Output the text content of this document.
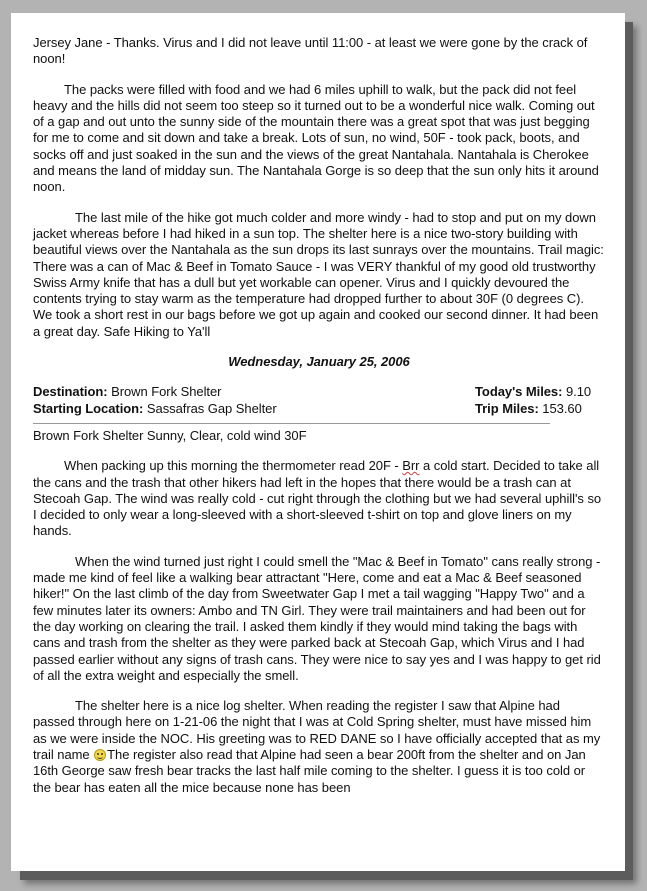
Jersey Jane - Thanks. Virus and I did not leave until 11:00 - at least we were gone by the crack of noon!

The packs were filled with food and we had 6 miles uphill to walk, but the pack did not feel heavy and the hills did not seem too steep so it turned out to be a wonderful nice walk. Coming out of a gap and out unto the sunny side of the mountain there was a great spot that was just begging for me to come and sit down and take a break. Lots of sun, no wind, 50F - took pack, boots, and socks off and just soaked in the sun and the views of the great Nantahala. Nantahala is Cherokee and means the land of midday sun. The Nantahala Gorge is so deep that the sun only hits it around noon.

The last mile of the hike got much colder and more windy - had to stop and put on my down jacket whereas before I had hiked in a sun top. The shelter here is a nice two-story building with beautiful views over the Nantahala as the sun drops its last sunrays over the mountains. Trail magic: There was a can of Mac & Beef in Tomato Sauce - I was VERY thankful of my good old trustworthy Swiss Army knife that has a dull but yet workable can opener. Virus and I quickly devoured the contents trying to stay warm as the temperature had dropped further to about 30F (0 degrees C). We took a short rest in our bags before we got up again and cooked our second dinner. It had been a great day. Safe Hiking to Ya'll

Wednesday, January 25, 2006

Destination: Brown Fork Shelter	Today's Miles: 9.10
Starting Location: Sassafras Gap Shelter	Trip Miles: 153.60

Brown Fork Shelter Sunny, Clear, cold wind 30F

When packing up this morning the thermometer read 20F - Brr a cold start. Decided to take all the cans and the trash that other hikers had left in the hopes that there would be a trash can at Stecoah Gap. The wind was really cold - cut right through the clothing but we had several uphill's so I decided to only wear a long-sleeved with a short-sleeved t-shirt on top and glove liners on my hands.

When the wind turned just right I could smell the "Mac & Beef in Tomato" cans really strong - made me kind of feel like a walking bear attractant "Here, come and eat a Mac & Beef seasoned hiker!" On the last climb of the day from Sweetwater Gap I met a tail wagging "Happy Two" and a few minutes later its owners: Ambo and TN Girl. They were trail maintainers and had been out for the day working on clearing the trail. I asked them kindly if they would mind taking the bags with cans and trash from the shelter as they were parked back at Stecoah Gap, which Virus and I had passed earlier without any signs of trash cans. They were nice to say yes and I was happy to get rid of all the extra weight and especially the smell.

The shelter here is a nice log shelter. When reading the register I saw that Alpine had passed through here on 1-21-06 the night that I was at Cold Spring shelter, must have missed him as we were inside the NOC. His greeting was to RED DANE so I have officially accepted that as my trail name The register also read that Alpine had seen a bear 200ft from the shelter and on Jan 16th George saw fresh bear tracks the last half mile coming to the shelter. I guess it is too cold or the bear has eaten all the mice because none has been
